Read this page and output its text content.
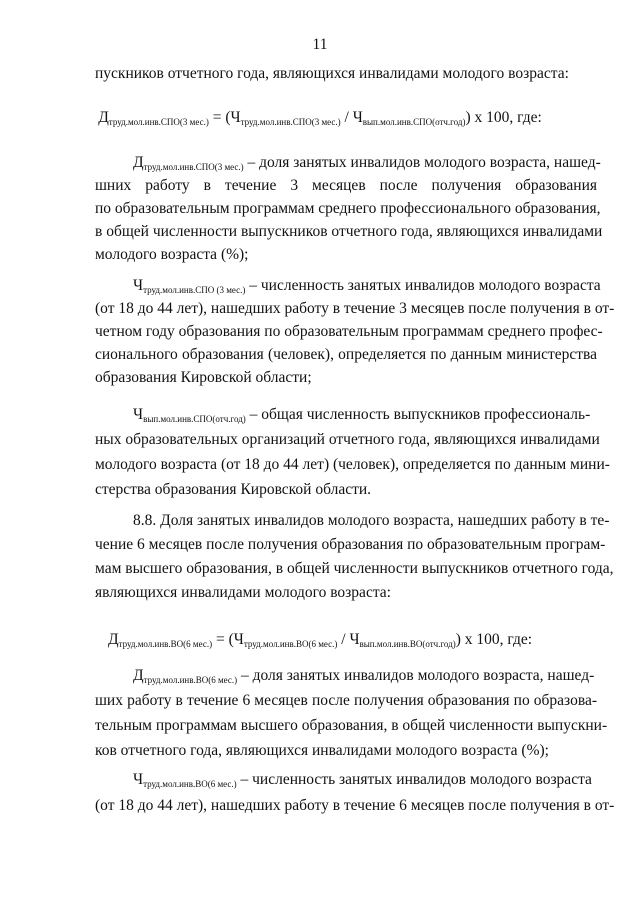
11
пускников отчетного года, являющихся инвалидами молодого возраста:
$Д_{труд.мол.инв.СПО(3 мес.)} = (Ч_{труд.мол.инв.СПО(3 мес.)} / Ч_{вып.мол.инв.СПО(отч.год)})$ x 100, где:
$Д_{труд.мол.инв.СПО(3 мес.)}$ – доля занятых инвалидов молодого возраста, нашед-
шних работу в течение 3 месяцев после получения образования
по образовательным программам среднего профессионального образования,
в общей численности выпускников отчетного года, являющихся инвалидами
молодого возраста (%);
$Ч_{труд.мол.инв.СПО (3 мес.)}$ – численность занятых инвалидов молодого возраста
(от 18 до 44 лет), нашедших работу в течение 3 месяцев после получения в от-
четном году образования по образовательным программам среднего профес-
сионального образования (человек), определяется по данным министерства
образования Кировской области;
$Ч_{вып.мол.инв.СПО(отч.год)}$ – общая численность выпускников профессиональ-
ных образовательных организаций отчетного года, являющихся инвалидами
молодого возраста (от 18 до 44 лет) (человек), определяется по данным мини-
стерства образования Кировской области.
8.8. Доля занятых инвалидов молодого возраста, нашедших работу в те-
чение 6 месяцев после получения образования по образовательным програм-
мам высшего образования, в общей численности выпускников отчетного года,
являющихся инвалидами молодого возраста:
$Д_{труд.мол.инв.ВО(6 мес.)} = (Ч_{труд.мол.инв.ВО(6 мес.)} / Ч_{вып.мол.инв.ВО(отч.год)})$ x 100, где:
$Д_{труд.мол.инв.ВО(6 мес.)}$ – доля занятых инвалидов молодого возраста, нашед-
ших работу в течение 6 месяцев после получения образования по образова-
тельным программам высшего образования, в общей численности выпускни-
ков отчетного года, являющихся инвалидами молодого возраста (%);
$Ч_{труд.мол.инв.ВО(6 мес.)}$ – численность занятых инвалидов молодого возраста
(от 18 до 44 лет), нашедших работу в течение 6 месяцев после получения в от-
